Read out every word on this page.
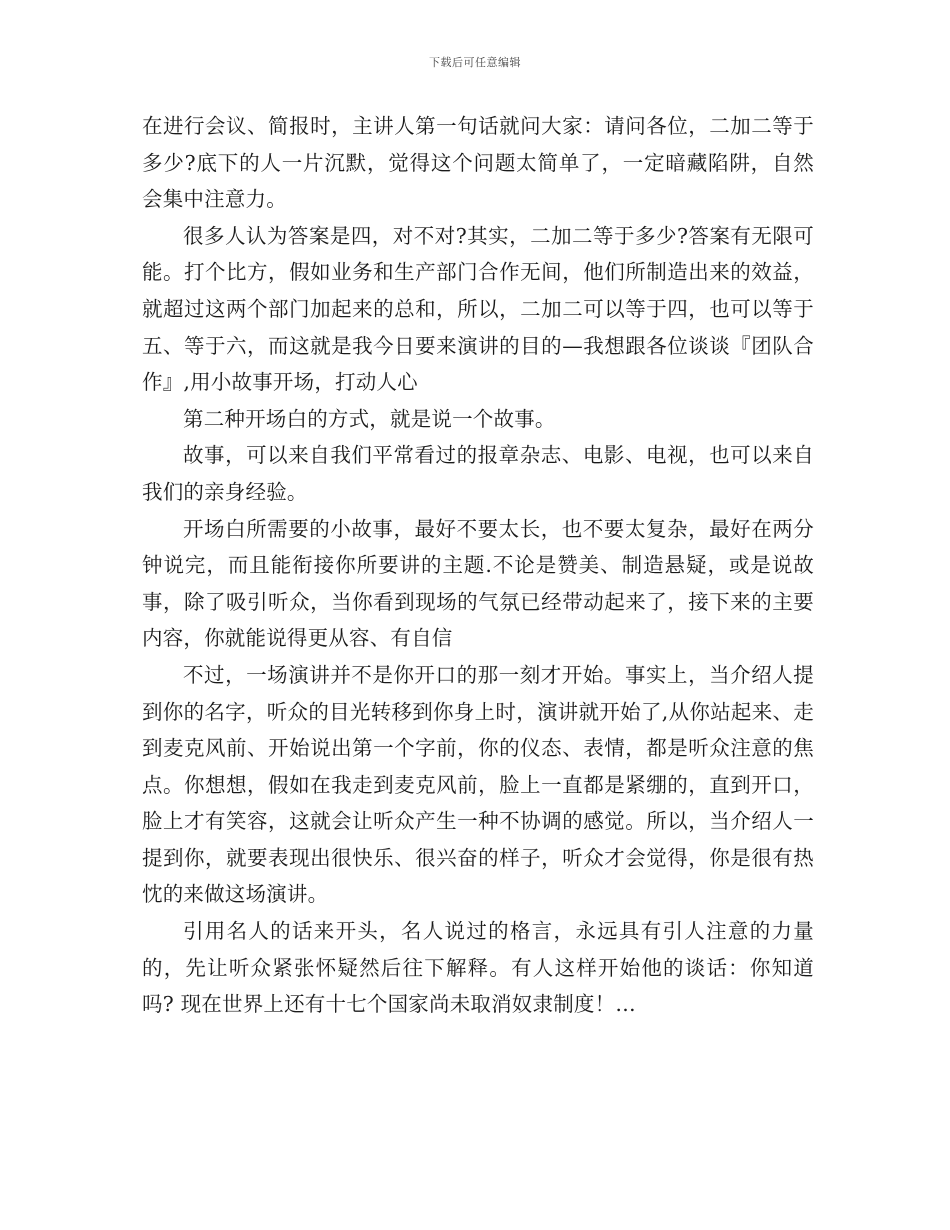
下载后可任意编辑

在进行会议、简报时，主讲人第一句话就问大家：请问各位，二加二等于多少?底下的人一片沉默，觉得这个问题太简单了，一定暗藏陷阱，自然会集中注意力。

很多人认为答案是四，对不对?其实，二加二等于多少?答案有无限可能。打个比方，假如业务和生产部门合作无间，他们所制造出来的效益，就超过这两个部门加起来的总和，所以，二加二可以等于四，也可以等于五、等于六，而这就是我今日要来演讲的目的—我想跟各位谈谈『团队合作』,用小故事开场，打动人心

第二种开场白的方式，就是说一个故事。

故事，可以来自我们平常看过的报章杂志、电影、电视，也可以来自我们的亲身经验。

开场白所需要的小故事，最好不要太长，也不要太复杂，最好在两分钟说完，而且能衔接你所要讲的主题.不论是赞美、制造悬疑，或是说故事，除了吸引听众，当你看到现场的气氛已经带动起来了，接下来的主要内容，你就能说得更从容、有自信

不过，一场演讲并不是你开口的那一刻才开始。事实上，当介绍人提到你的名字，听众的目光转移到你身上时，演讲就开始了,从你站起来、走到麦克风前、开始说出第一个字前，你的仪态、表情，都是听众注意的焦点。你想想，假如在我走到麦克风前，脸上一直都是紧绷的，直到开口，脸上才有笑容，这就会让听众产生一种不协调的感觉。所以，当介绍人一提到你，就要表现出很快乐、很兴奋的样子，听众才会觉得，你是很有热忱的来做这场演讲。

引用名人的话来开头，名人说过的格言，永远具有引人注意的力量的，先让听众紧张怀疑然后往下解释。有人这样开始他的谈话：你知道吗? 现在世界上还有十七个国家尚未取消奴隶制度！…
